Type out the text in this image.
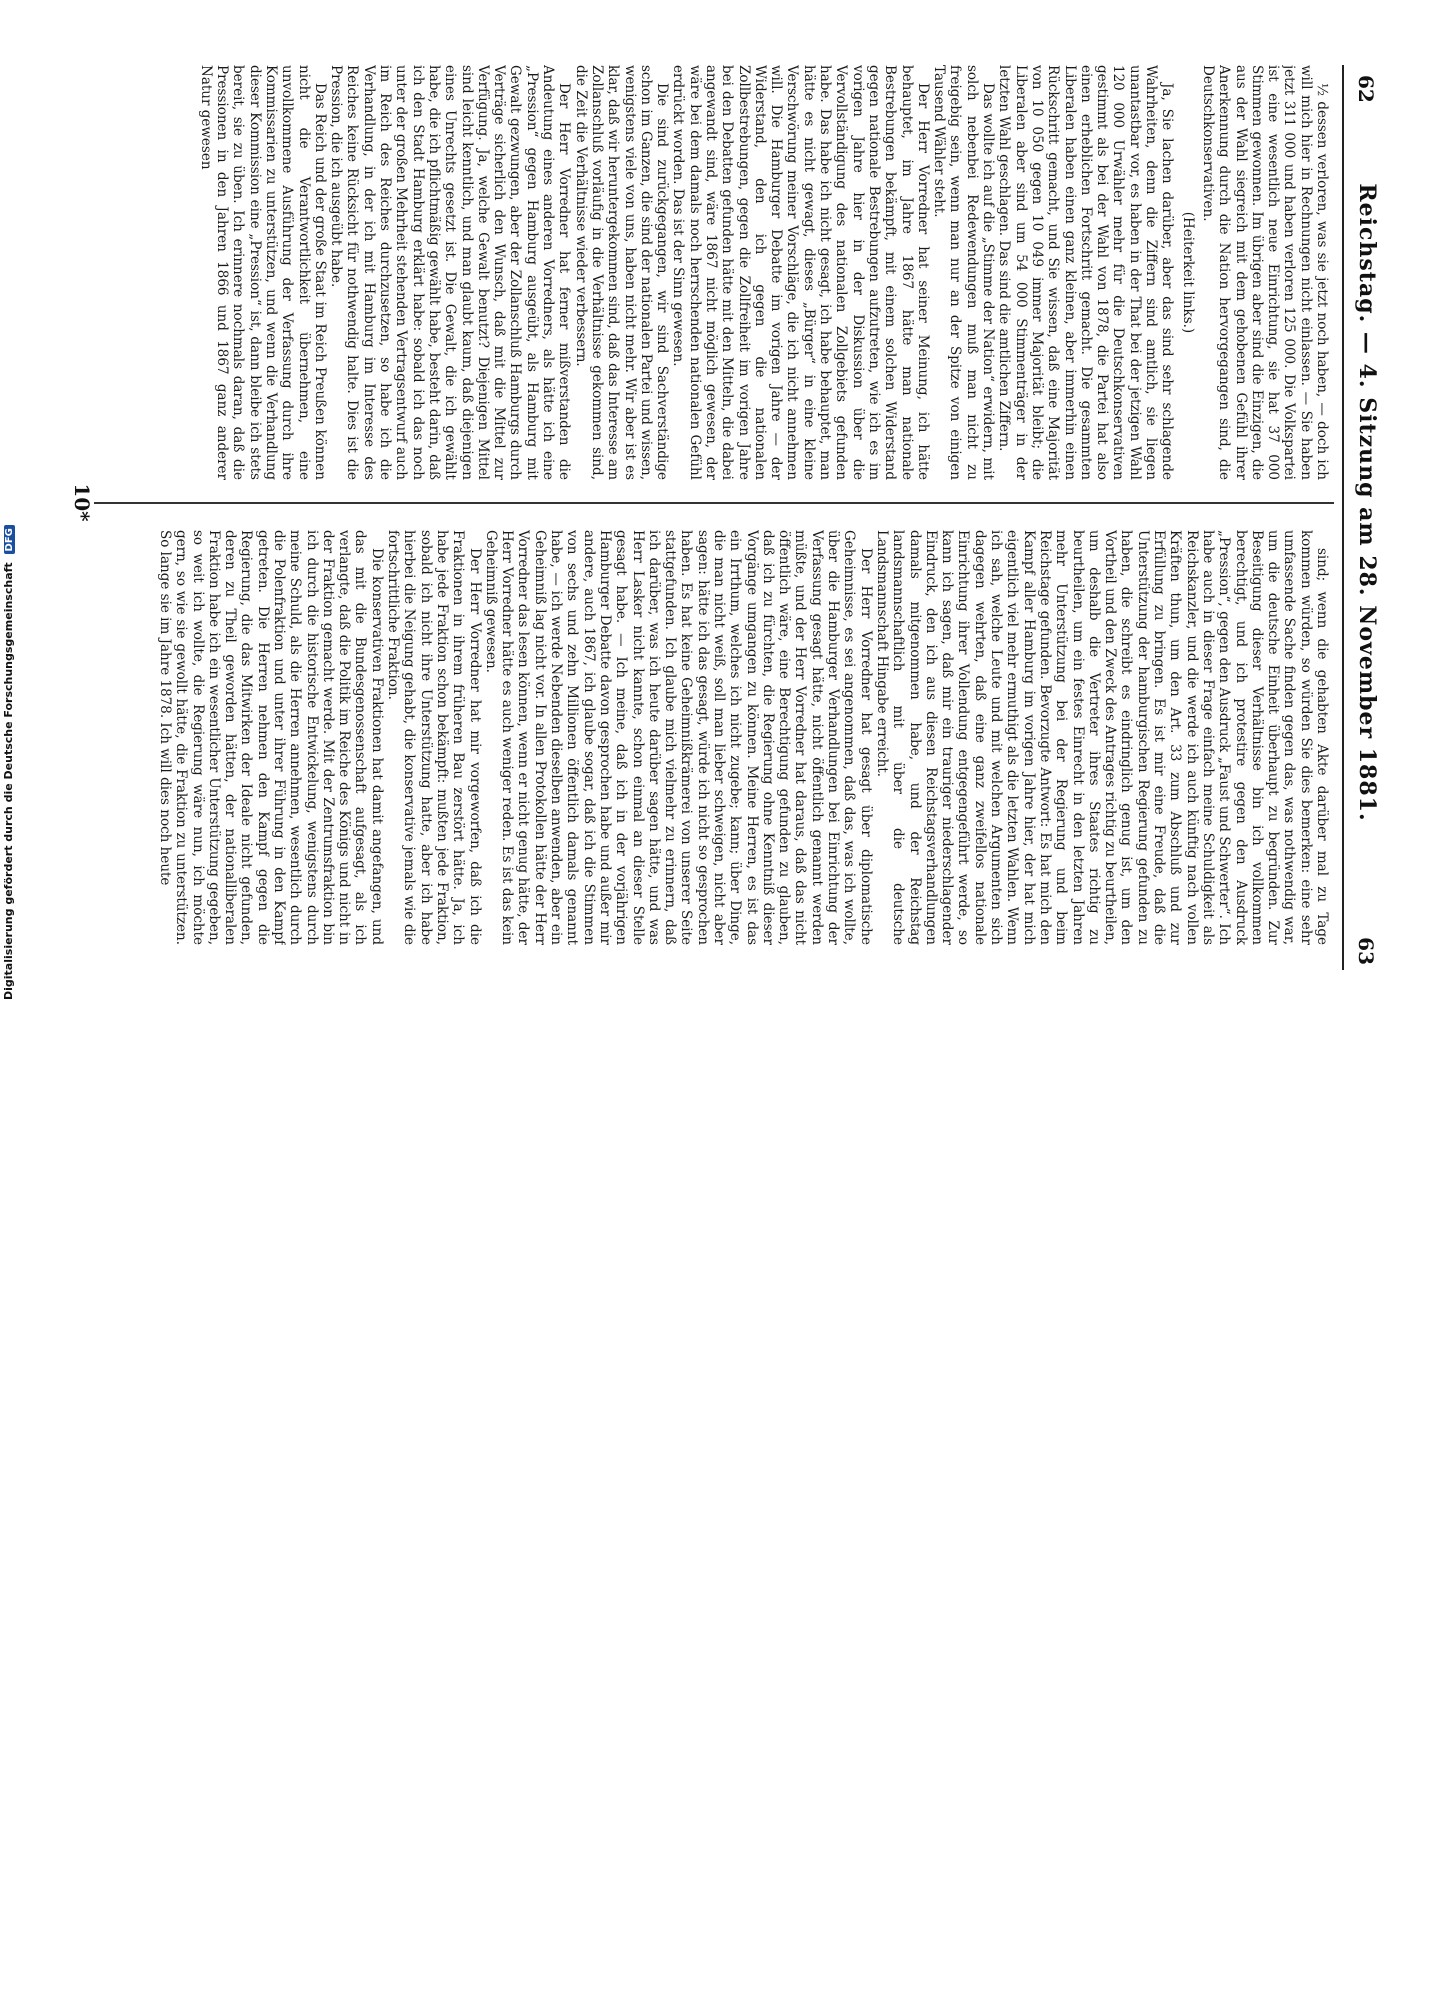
62
Reichstag. — 4. Sitzung am 28. November 1881.
63

½ dessen verloren, was sie jetzt noch haben, — doch ich will mich hier in Rechnungen nicht einlassen. — Sie haben jetzt 311 000 und haben verloren 125 000. Die Volkspartei ist eine wesentlich neue Einrichtung, sie hat 37 000 Stimmen gewonnen. Im übrigen aber sind die Einzigen, die aus der Wahl siegreich mit dem gehobenen Gefühl ihrer Anerkennung durch die Nation hervorgegangen sind, die Deutschkonservativen.

(Heiterkeit links.)

Ja, Sie lachen darüber, aber das sind sehr schlagende Wahrheiten, denn die Ziffern sind amtlich, sie liegen unantastbar vor, es haben in der That bei der jetzigen Wahl 120 000 Urwähler mehr für die Deutschkonservativen gestimmt als bei der Wahl von 1878, die Partei hat also einen erheblichen Fortschritt gemacht. Die gesammten Liberalen haben einen ganz kleinen, aber immerhin einen Rückschritt gemacht, und Sie wissen, daß eine Majorität von 10 050 gegen 10 049 immer Majorität bleibt; die Liberalen aber sind um 54 000 Stimmenträger in der letzten Wahl geschlagen. Das sind die amtlichen Ziffern.

Das wollte ich auf die „Stimme der Nation“ erwidern, mit solch nebenbei Redewendungen muß man nicht zu freigebig sein, wenn man nur an der Spitze von einigen Tausend Wähler steht.

Der Herr Vorredner hat seiner Meinung, ich hätte behauptet, im Jahre 1867 hätte man nationale Bestrebungen bekämpft, mit einem solchen Widerstand gegen nationale Bestrebungen aufzutreten, wie ich es im vorigen Jahre hier in der Diskussion über die Vervollständigung des nationalen Zollgebiets gefunden habe. Das habe ich nicht gesagt, ich habe behauptet, man hätte es nicht gewagt, dieses „Bürger“ in eine kleine Verschwörung meiner Vorschläge, die ich nicht annehmen will. Die Hamburger Debatte im vorigen Jahre — der Widerstand, den ich gegen die nationalen Zollbestrebungen, gegen die Zollfreiheit im vorigen Jahre bei den Debatten gefunden hätte mit den Mitteln, die dabei angewandt sind, wäre 1867 nicht möglich gewesen, der wäre bei dem damals noch herrschenden nationalen Gefühl erdrückt worden. Das ist der Sinn gewesen.

Die sind zurückgegangen, wir sind Sachverständige schon im Ganzen, die sind der nationalen Partei und wissen, wenigstens viele von uns, haben nicht mehr. Wir aber ist es klar, daß wir heruntergekommen sind, daß das Interesse am Zollanschluß vorläufig in die Verhältnisse gekommen sind, die Zeit die Verhältnisse wieder verbessern.

Der Herr Vorredner hat ferner mißverstanden die Andeutung eines anderen Vorredners, als hätte ich eine „Pression“ gegen Hamburg ausgeübt, als Hamburg mit Gewalt gezwungen, aber der Zollanschluß Hamburgs durch Verträge sicherlich den Wunsch, daß mit die Mittel zur Verfügung. Ja, welche Gewalt benutzt? Diejenigen Mittel sind leicht kenntlich, und man glaubt kaum, daß diejenigen eines Unrechts gesetzt ist. Die Gewalt, die ich gewählt habe, die ich pflichtmäßig gewählt habe, besteht darin, daß ich den Stadt Hamburg erklärt habe: sobald ich das noch unter der großen Mehrheit stehenden Vertragsentwurf auch im Reich des Reiches durchzusetzen, so habe ich die Verhandlung, in der ich mit Hamburg im Interesse des Reiches keine Rücksicht für nothwendig halte. Dies ist die Pression, die ich ausgeübt habe.

Das Reich und der große Staat im Reich Preußen können nicht die Verantwortlichkeit übernehmen, eine unvollkommene Ausführung der Verfassung durch ihre Kommissarien zu unterstützen, und wenn die Verhandlung dieser Kommission eine „Pression“ ist, dann bleibe ich stets bereit, sie zu üben. Ich erinnere nochmals daran, daß die Pressionen in den Jahren 1866 und 1867 ganz anderer Natur gewesen

sind; wenn die gehabten Akte darüber mal zu Tage kommen würden, so würden Sie dies bemerken: eine sehr umfassende Sache finden gegen das, was nothwendig war, um die deutsche Einheit überhaupt zu begründen. Zur Beseitigung dieser Verhältnisse bin ich vollkommen berechtigt, und ich protestire gegen den Ausdruck „Pression“, gegen den Ausdruck „Faust und Schwerter“. Ich habe auch in dieser Frage einfach meine Schuldigkeit als Reichskanzler, und die werde ich auch künftig nach vollen Kräften thun, um den Art. 33 zum Abschluß und zur Erfüllung zu bringen. Es ist mir eine Freude, daß die Unterstützung der hamburgischen Regierung gefunden zu haben, die schreibt es eindringlich genug ist, um den Vortheil und den Zweck des Antrages richtig zu beurtheilen, um deshalb die Vertreter ihres Staates richtig zu beurtheilen, um ein festes Einrecht in den letzten Jahren mehr Unterstützung bei der Regierung und beim Reichstage gefunden. Bevorzugte Antwort: Es hat mich den Kampf aller Hamburg im vorigen Jahre hier, der hat mich eigentlich viel mehr ermuthigt als die letzten Wahlen. Wenn ich sah, welche Leute und mit welchen Argumenten sich dagegen wehrten, daß eine ganz zweifellos nationale Einrichtung ihrer Vollendung entgegengeführt werde, so kann ich sagen, daß mir ein trauriger niederschlagender Eindruck, den ich aus diesen Reichstagsverhandlungen damals mitgenommen habe, und der Reichstag landsmannschaftlich mit über die deutsche Landsmannschaft Hingabe erreicht.

Der Herr Vorredner hat gesagt über diplomatische Geheimnisse, es sei angenommen, daß das, was ich wollte, über die Hamburger Verhandlungen bei Einrichtung der Verfassung gesagt hätte, nicht öffentlich genannt werden müßte, und der Herr Vorredner hat daraus, daß das nicht öffentlich wäre, eine Berechtigung gefunden zu glauben, daß ich zu fürchten, die Regierung ohne Kenntniß dieser Vorgänge umgangen zu können. Meine Herren, es ist das ein Irrthum, welches ich nicht zugebe; kann; über Dinge, die man nicht weiß, soll man lieber schweigen, nicht aber sagen: hätte ich das gesagt, würde ich nicht so gesprochen haben. Es hat keine Geheimnißkrämerei von unserer Seite stattgefunden. Ich glaube mich vielmehr zu erinnern, daß ich darüber, was ich heute darüber sagen hätte, und was Herr Lasker nicht kannte, schon einmal an dieser Stelle gesagt habe. — Ich meine, daß ich in der vorjährigen Hamburger Debatte davon gesprochen habe und außer mir andere, auch 1867, ich glaube sogar, daß ich die Stimmen von sechs und zehn Millionen öffentlich damals genannt habe, — ich werde Nebenden dieselben anwenden, aber ein Geheimniß lag nicht vor. In allen Protokollen hätte der Herr Vorredner das lesen können, wenn er nicht genug hätte, der Herr Vorredner hätte es auch weniger reden. Es ist das kein Geheimniß gewesen.

Der Herr Vorredner hat mir vorgeworfen, daß ich die Fraktionen in ihrem früheren Bau zerstört hätte. Ja, ich habe jede Fraktion schon bekämpft: mußten jede Fraktion, sobald ich nicht ihre Unterstützung hatte, aber ich habe hierbei die Neigung gehabt, die konservative jemals wie die fortschrittliche Fraktion.

Die konservativen Fraktionen hat damit angefangen, und das mit die Bundesgenossenschaft aufgesagt, als ich verlangte, daß die Politik im Reiche des Königs und nicht in der Fraktion gemacht werde. Mit der Zentrumsfraktion bin ich durch die historische Entwickelung, wenigstens durch meine Schuld, als die Herren annehmen, wesentlich durch die Polenfraktion und unter ihrer Führung in den Kampf getreten. Die Herren nehmen den Kampf gegen die Regierung, die das Mitwirken der Ideale nicht gefunden, deren zu Theil geworden hätten, der nationalliberalen Fraktion habe ich ein wesentlicher Unterstützung gegeben, so weit ich wollte, die Regierung wäre nun, ich möchte gern, so wie sie gewollt hätte, die Fraktion zu unterstützen. So lange sie im Jahre 1878. Ich will dies noch heute

10*
Digitalisierung gefördert durch die Deutsche Forschungsgemeinschaft DFG
